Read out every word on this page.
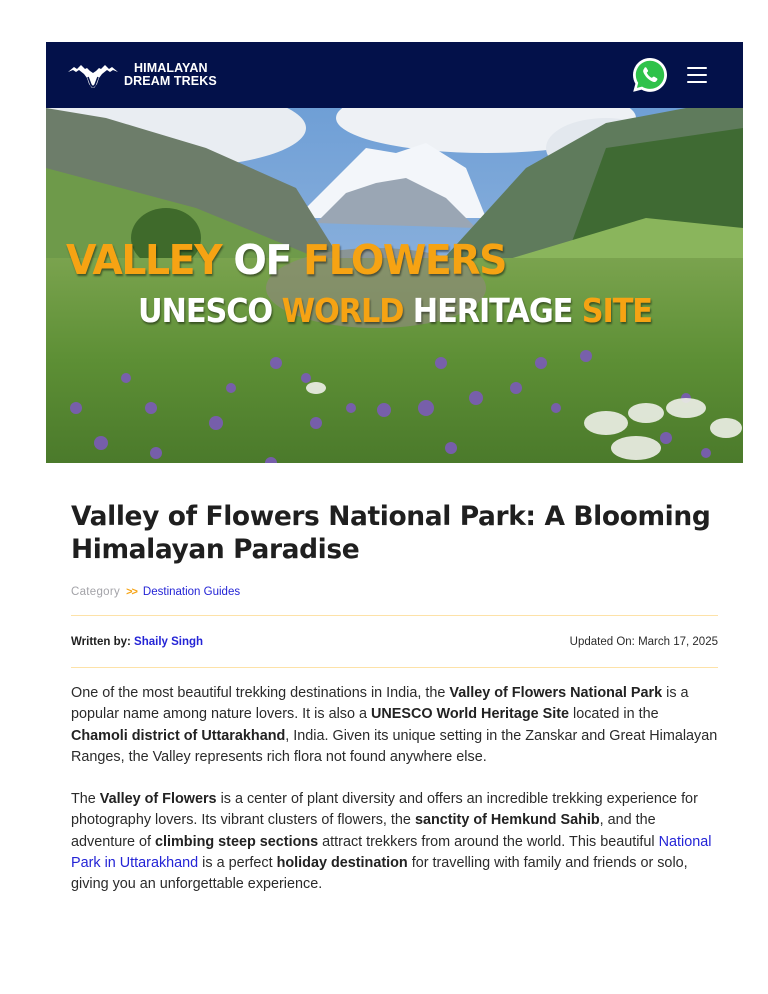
HIMALAYAN
DREAM TREKS
VALLEY OF FLOWERS
UNESCO WORLD HERITAGE SITE
Valley of Flowers National Park: A Blooming Himalayan Paradise
Category >> Destination Guides
Written by: Shaily Singh	Updated On: March 17, 2025

One of the most beautiful trekking destinations in India, the Valley of Flowers National Park is a popular name among nature lovers. It is also a UNESCO World Heritage Site located in the Chamoli district of Uttarakhand, India. Given its unique setting in the Zanskar and Great Himalayan Ranges, the Valley represents rich flora not found anywhere else.

The Valley of Flowers is a center of plant diversity and offers an incredible trekking experience for photography lovers. Its vibrant clusters of flowers, the sanctity of Hemkund Sahib, and the adventure of climbing steep sections attract trekkers from around the world. This beautiful National Park in Uttarakhand is a perfect holiday destination for travelling with family and friends or solo, giving you an unforgettable experience.
